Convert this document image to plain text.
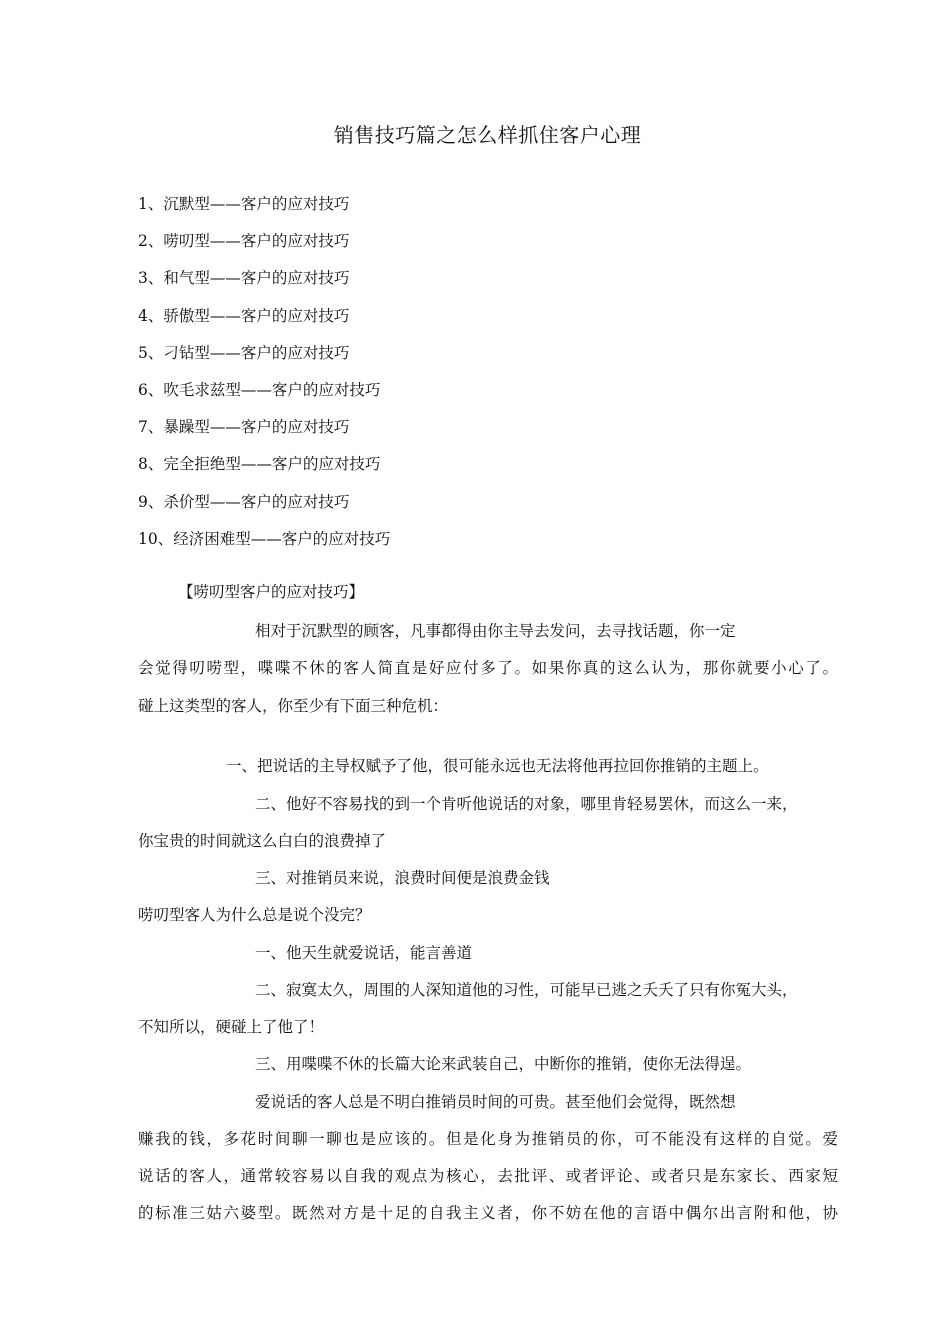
销售技巧篇之怎么样抓住客户心理
1、沉默型——客户的应对技巧
2、唠叨型——客户的应对技巧
3、和气型——客户的应对技巧
4、骄傲型——客户的应对技巧
5、刁钻型——客户的应对技巧
6、吹毛求兹型——客户的应对技巧
7、暴躁型——客户的应对技巧
8、完全拒绝型——客户的应对技巧
9、杀价型——客户的应对技巧
10、经济困难型——客户的应对技巧
【唠叨型客户的应对技巧】
相对于沉默型的顾客，凡事都得由你主导去发问，去寻找话题，你一定
会觉得叨唠型，喋喋不休的客人简直是好应付多了。如果你真的这么认为，那你就要小心了。
碰上这类型的客人，你至少有下面三种危机：
一、把说话的主导权赋予了他，很可能永远也无法将他再拉回你推销的主题上。
二、他好不容易找的到一个肯听他说话的对象，哪里肯轻易罢休，而这么一来，
你宝贵的时间就这么白白的浪费掉了
三、对推销员来说，浪费时间便是浪费金钱
唠叨型客人为什么总是说个没完？
一、他天生就爱说话，能言善道
二、寂寞太久，周围的人深知道他的习性，可能早已逃之夭夭了只有你冤大头，
不知所以，硬碰上了他了！
三、用喋喋不休的长篇大论来武装自己，中断你的推销，使你无法得逞。
爱说话的客人总是不明白推销员时间的可贵。甚至他们会觉得，既然想
赚我的钱，多花时间聊一聊也是应该的。但是化身为推销员的你，可不能没有这样的自觉。爱
说话的客人，通常较容易以自我的观点为核心，去批评、或者评论、或者只是东家长、西家短
的标准三姑六婆型。既然对方是十足的自我主义者，你不妨在他的言语中偶尔出言附和他，协
